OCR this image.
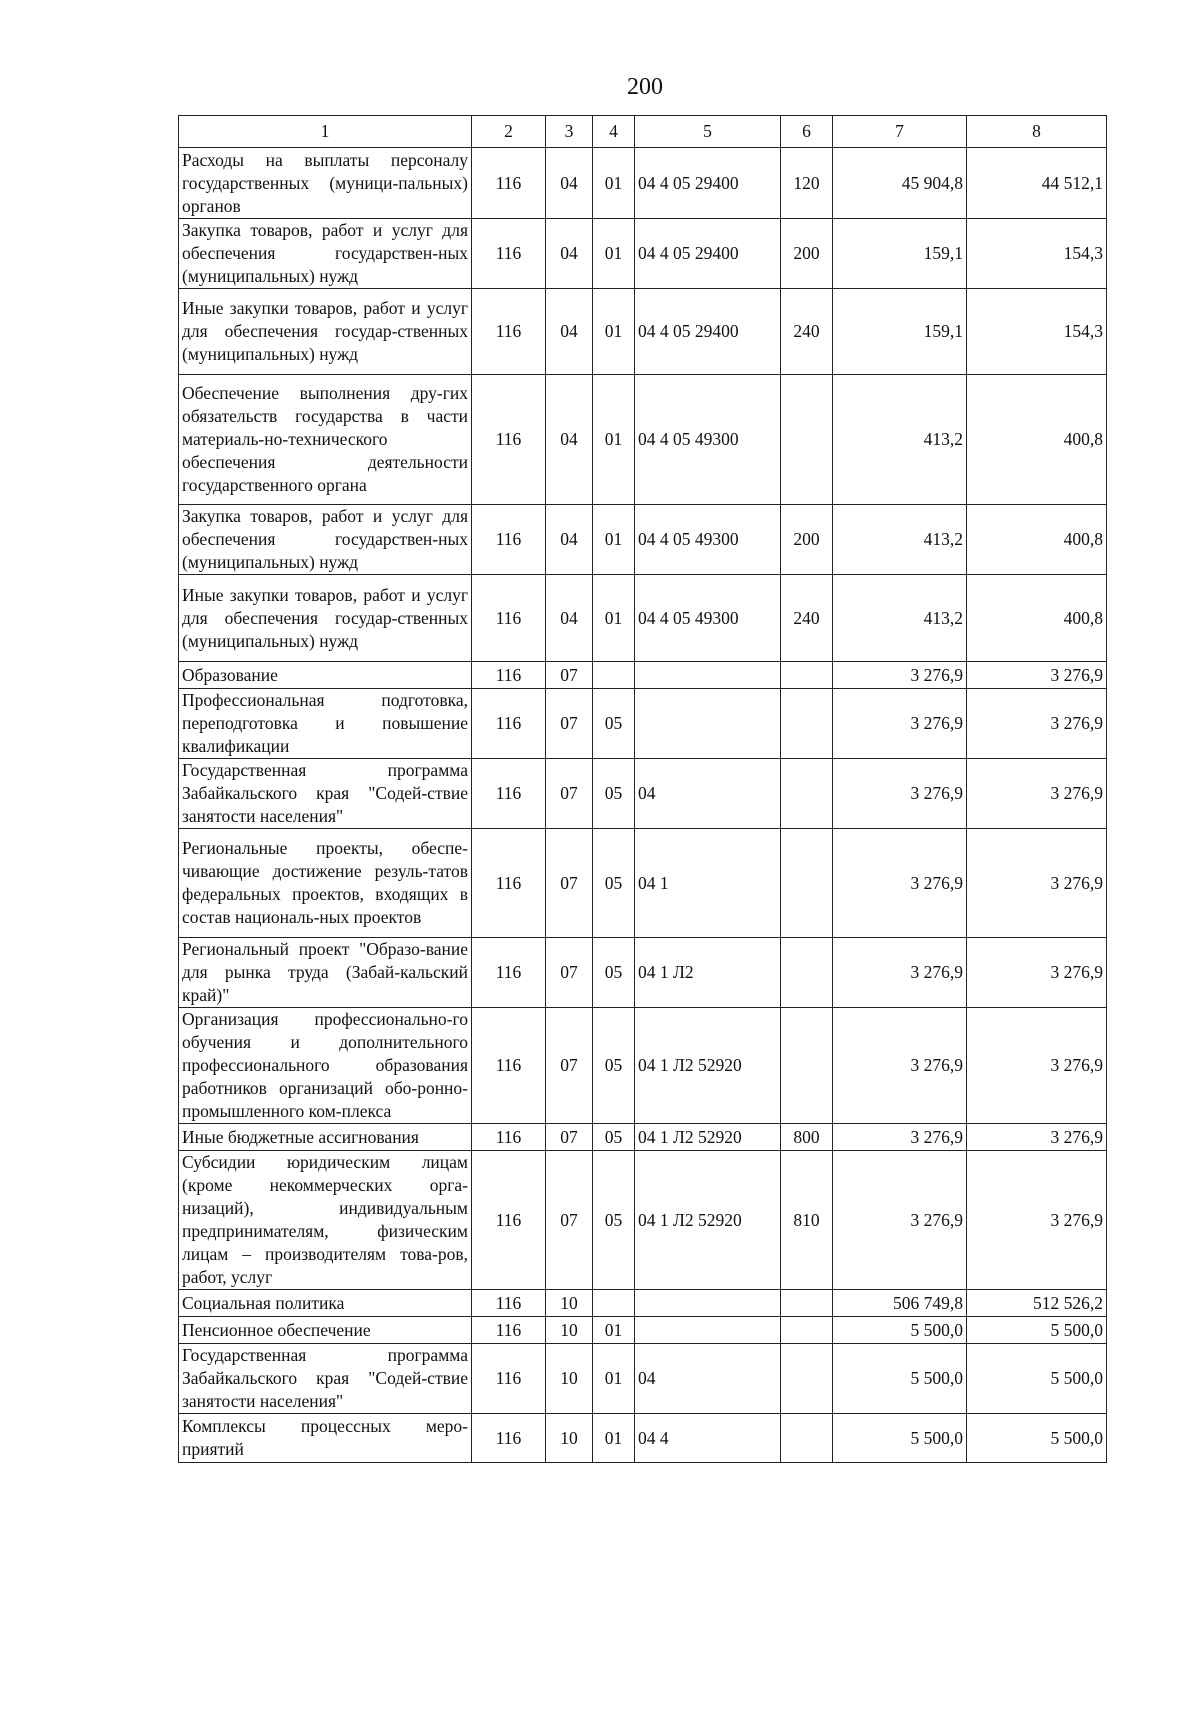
200
1	2	3	4	5	6	7	8
Расходы на выплаты персоналу государственных (муници-пальных) органов	116	04	01	04 4 05 29400	120	45 904,8	44 512,1
Закупка товаров, работ и услуг для обеспечения государствен-ных (муниципальных) нужд	116	04	01	04 4 05 29400	200	159,1	154,3
Иные закупки товаров, работ и услуг для обеспечения государ-ственных (муниципальных) нужд	116	04	01	04 4 05 29400	240	159,1	154,3
Обеспечение выполнения дру-гих обязательств государства в части материаль-но-технического обеспечения деятельности государственного органа	116	04	01	04 4 05 49300		413,2	400,8
Закупка товаров, работ и услуг для обеспечения государствен-ных (муниципальных) нужд	116	04	01	04 4 05 49300	200	413,2	400,8
Иные закупки товаров, работ и услуг для обеспечения государ-ственных (муниципальных) нужд	116	04	01	04 4 05 49300	240	413,2	400,8
Образование	116	07				3 276,9	3 276,9
Профессиональная подготовка, переподготовка и повышение квалификации	116	07	05			3 276,9	3 276,9
Государственная программа Забайкальского края "Содей-ствие занятости населения"	116	07	05	04		3 276,9	3 276,9
Региональные проекты, обеспе-чивающие достижение резуль-татов федеральных проектов, входящих в состав националь-ных проектов	116	07	05	04 1		3 276,9	3 276,9
Региональный проект "Образо-вание для рынка труда (Забай-кальский край)"	116	07	05	04 1 Л2		3 276,9	3 276,9
Организация профессионально-го обучения и дополнительного профессионального образования работников организаций обо-ронно-промышленного ком-плекса	116	07	05	04 1 Л2 52920		3 276,9	3 276,9
Иные бюджетные ассигнования	116	07	05	04 1 Л2 52920	800	3 276,9	3 276,9
Субсидии юридическим лицам (кроме некоммерческих орга-низаций), индивидуальным предпринимателям, физическим лицам – производителям това-ров, работ, услуг	116	07	05	04 1 Л2 52920	810	3 276,9	3 276,9
Социальная политика	116	10				506 749,8	512 526,2
Пенсионное обеспечение	116	10	01			5 500,0	5 500,0
Государственная программа Забайкальского края "Содей-ствие занятости населения"	116	10	01	04		5 500,0	5 500,0
Комплексы процессных меро-приятий	116	10	01	04 4		5 500,0	5 500,0
